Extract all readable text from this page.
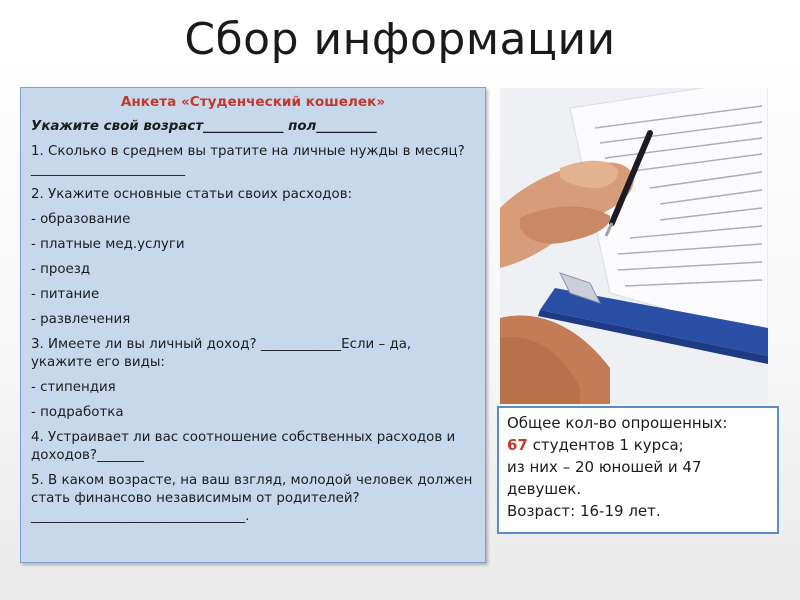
Сбор информации

Анкета «Студенческий кошелек»

Укажите свой возраст____________ пол_________

1. Сколько в среднем вы тратите на личные нужды в месяц? _______________________

2. Укажите основные статьи своих расходов:

- образование

- платные мед.услуги

- проезд

- питание

- развлечения

3. Имеете ли вы личный доход? ____________Если – да, укажите его виды:

- стипендия

- подработка

4. Устраивает ли вас соотношение собственных расходов и доходов?_______

5. В каком возрасте, на ваш взгляд, молодой человек должен стать финансово независимым от родителей?________________________________.

Общее кол-во опрошенных:

67 студентов 1 курса;

из них – 20 юношей и 47 девушек.

Возраст: 16-19 лет.
